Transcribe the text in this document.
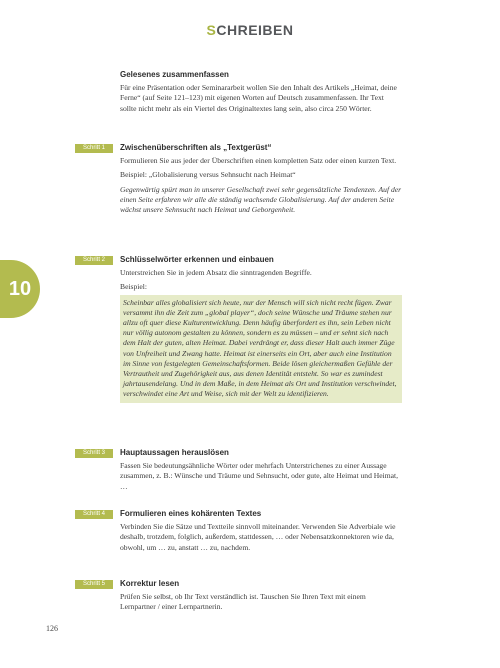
SCHREIBEN
10
Gelesenes zusammenfassen
Für eine Präsentation oder Seminararbeit wollen Sie den Inhalt des Artikels „Heimat, deine Ferne“ (auf Seite 121–123) mit eigenen Worten auf Deutsch zusammenfassen. Ihr Text sollte nicht mehr als ein Viertel des Originaltextes lang sein, also circa 250 Wörter.
Schritt 1	Zwischenüberschriften als „Textgerüst“
Formulieren Sie aus jeder der Überschriften einen kompletten Satz oder einen kurzen Text.
Beispiel: „Globalisierung versus Sehnsucht nach Heimat“
Gegenwärtig spürt man in unserer Gesellschaft zwei sehr gegensätzliche Tendenzen. Auf der einen Seite erfahren wir alle die ständig wachsende Globalisierung. Auf der anderen Seite wächst unsere Sehnsucht nach Heimat und Geborgenheit.
Schritt 2	Schlüsselwörter erkennen und einbauen
Unterstreichen Sie in jedem Absatz die sinntragenden Begriffe.
Beispiel:
Scheinbar alles globalisiert sich heute, nur der Mensch will sich nicht recht fügen. Zwar versammt ihn die Zeit zum „global player“, doch seine Wünsche und Träume stehen nur allzu oft quer diese Kulturentwicklung. Denn häufig überfordert es ihn, sein Leben nicht nur völlig autonom gestalten zu können, sondern es zu müssen – und er sehnt sich nach dem Halt der guten, alten Heimat. Dabei verdrängt er, dass dieser Halt auch immer Züge von Unfreiheit und Zwang hatte. Heimat ist einerseits ein Ort, aber auch eine Institution im Sinne von festgelegten Gemeinschaftsformen. Beide lösen gleichermaßen Gefühle der Vertrautheit und Zugehörigkeit aus, aus denen Identität entsteht. So war es zumindest jahrtausendelang. Und in dem Maße, in dem Heimat als Ort und Institution verschwindet, verschwindet eine Art und Weise, sich mit der Welt zu identifizieren.
Schritt 3	Hauptaussagen herauslösen
Fassen Sie bedeutungsähnliche Wörter oder mehrfach Unterstrichenes zu einer Aussage zusammen, z. B.: Wünsche und Träume und Sehnsucht, oder gute, alte Heimat und Heimat, …
Schritt 4	Formulieren eines kohärenten Textes
Verbinden Sie die Sätze und Textteile sinnvoll miteinander. Verwenden Sie Adverbiale wie deshalb, trotzdem, folglich, außerdem, stattdessen, … oder Nebensatzkonnektoren wie da, obwohl, um … zu, anstatt … zu, nachdem.
Schritt 5	Korrektur lesen
Prüfen Sie selbst, ob Ihr Text verständlich ist. Tauschen Sie Ihren Text mit einem Lernpartner / einer Lernpartnerin.
126
